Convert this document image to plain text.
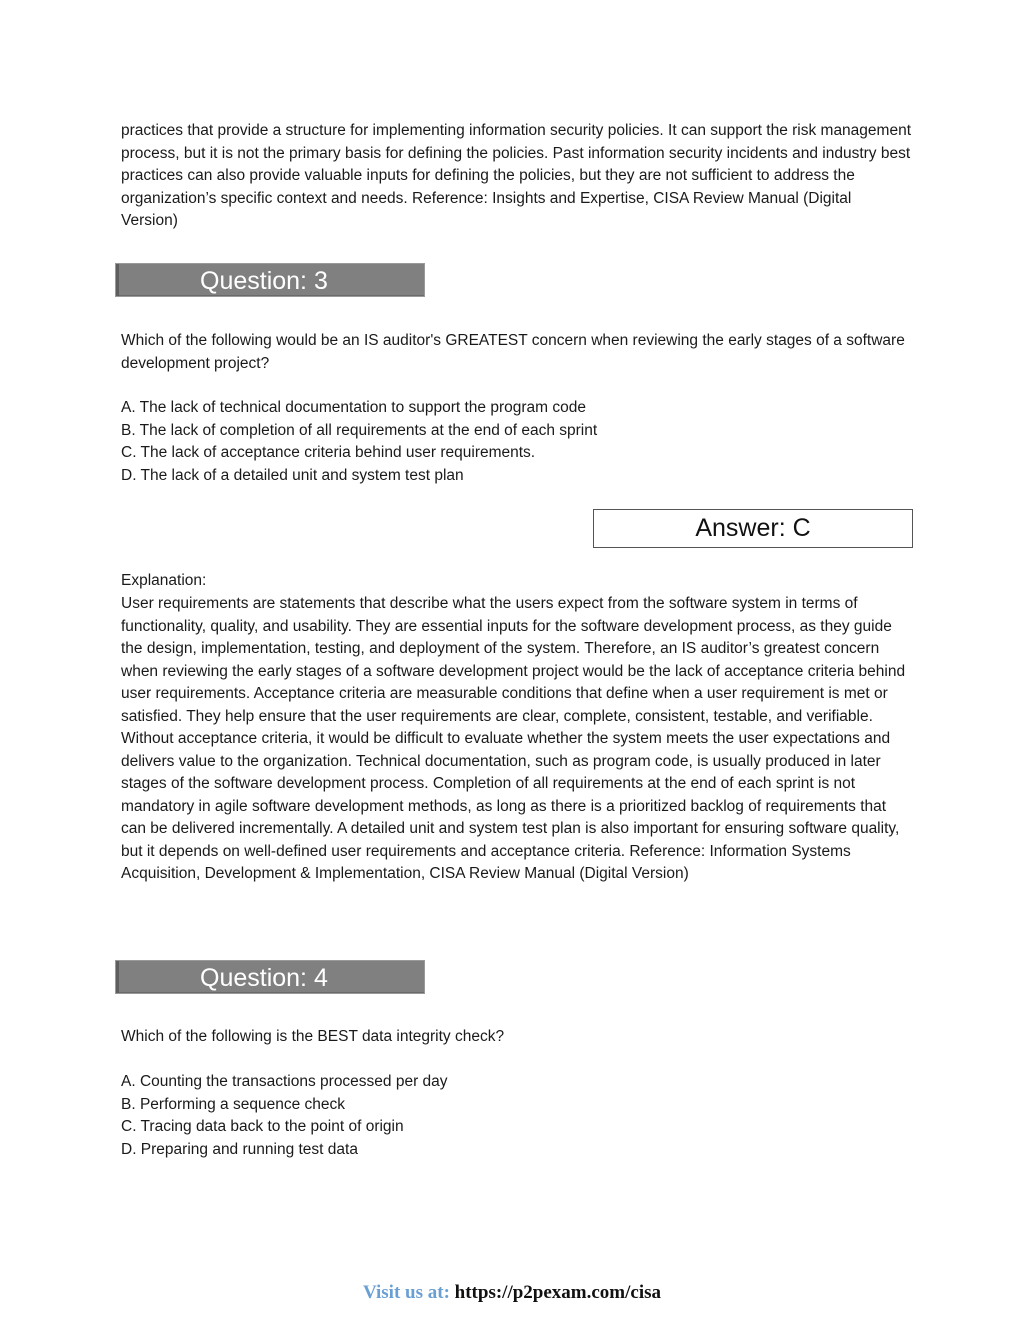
practices that provide a structure for implementing information security policies. It can support the risk management process, but it is not the primary basis for defining the policies. Past information security incidents and industry best practices can also provide valuable inputs for defining the policies, but they are not sufficient to address the organization’s specific context and needs. Reference: Insights and Expertise, CISA Review Manual (Digital Version)

Question: 3

Which of the following would be an IS auditor's GREATEST concern when reviewing the early stages of a software development project?

A. The lack of technical documentation to support the program code
B. The lack of completion of all requirements at the end of each sprint
C. The lack of acceptance criteria behind user requirements.
D. The lack of a detailed unit and system test plan
Answer: C

Explanation:

User requirements are statements that describe what the users expect from the software system in terms of functionality, quality, and usability. They are essential inputs for the software development process, as they guide the design, implementation, testing, and deployment of the system. Therefore, an IS auditor’s greatest concern when reviewing the early stages of a software development project would be the lack of acceptance criteria behind user requirements. Acceptance criteria are measurable conditions that define when a user requirement is met or satisfied. They help ensure that the user requirements are clear, complete, consistent, testable, and verifiable. Without acceptance criteria, it would be difficult to evaluate whether the system meets the user expectations and delivers value to the organization. Technical documentation, such as program code, is usually produced in later stages of the software development process. Completion of all requirements at the end of each sprint is not mandatory in agile software development methods, as long as there is a prioritized backlog of requirements that can be delivered incrementally. A detailed unit and system test plan is also important for ensuring software quality, but it depends on well-defined user requirements and acceptance criteria. Reference: Information Systems Acquisition, Development & Implementation, CISA Review Manual (Digital Version)

Question: 4

Which of the following is the BEST data integrity check?

A. Counting the transactions processed per day
B. Performing a sequence check
C. Tracing data back to the point of origin
D. Preparing and running test data
Visit us at: https://p2pexam.com/cisa
